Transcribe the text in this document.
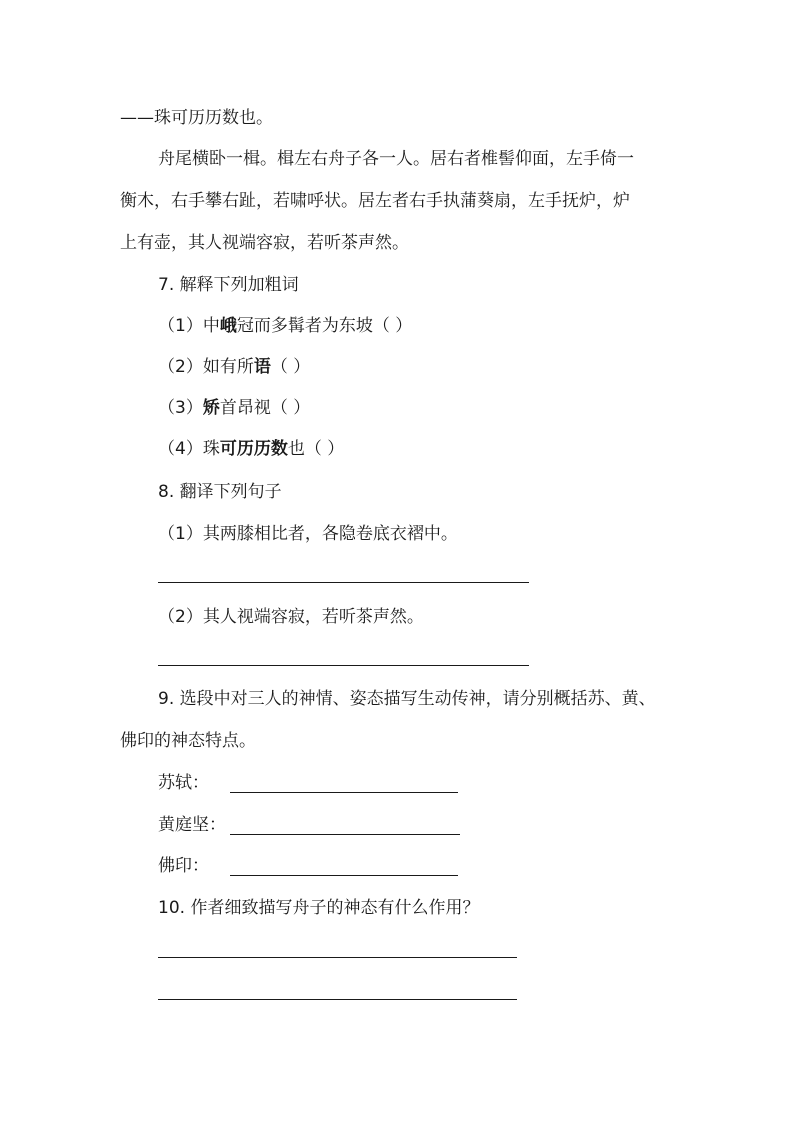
——珠可历历数也。
舟尾横卧一楫。楫左右舟子各一人。居右者椎髻仰面，左手倚一
衡木，右手攀右趾，若啸呼状。居左者右手执蒲葵扇，左手抚炉，炉
上有壶，其人视端容寂，若听茶声然。
7. 解释下列加粗词
（1）中峨冠而多髯者为东坡（ ）
（2）如有所语（ ）
（3）矫首昂视（ ）
（4）珠可历历数也（ ）
8. 翻译下列句子
（1）其两膝相比者，各隐卷底衣褶中。
（2）其人视端容寂，若听茶声然。
9. 选段中对三人的神情、姿态描写生动传神，请分别概括苏、黄、
佛印的神态特点。
苏轼：
黄庭坚：
佛印：
10. 作者细致描写舟子的神态有什么作用？
